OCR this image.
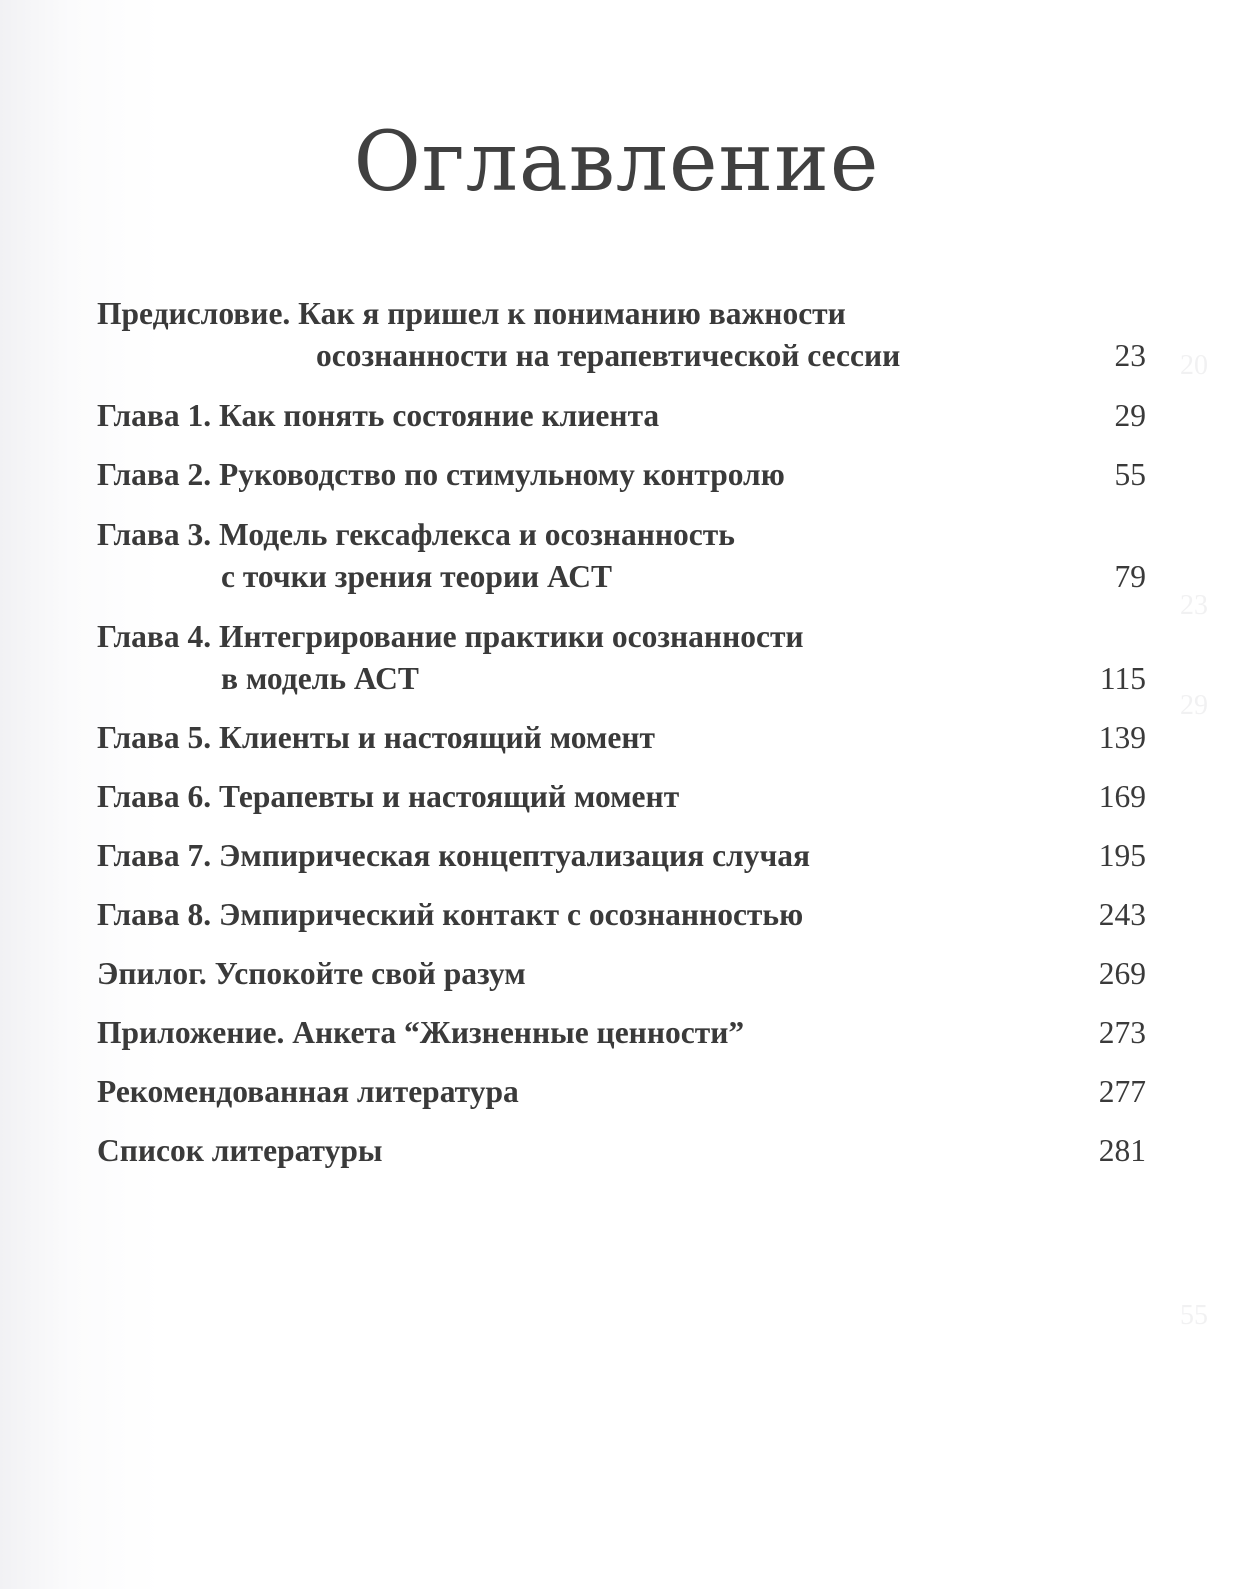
20
23
29
55
Оглавление
Предисловие. Как я пришел к пониманию важности
осознанности на терапевтической сессии	23
Глава 1. Как понять состояние клиента	29
Глава 2. Руководство по стимульному контролю	55
Глава 3. Модель гексафлекса и осознанность
с точки зрения теории АСТ	79
Глава 4. Интегрирование практики осознанности
в модель АСТ	115
Глава 5. Клиенты и настоящий момент	139
Глава 6. Терапевты и настоящий момент	169
Глава 7. Эмпирическая концептуализация случая	195
Глава 8. Эмпирический контакт с осознанностью	243
Эпилог. Успокойте свой разум	269
Приложение. Анкета “Жизненные ценности”	273
Рекомендованная литература	277
Список литературы	281
